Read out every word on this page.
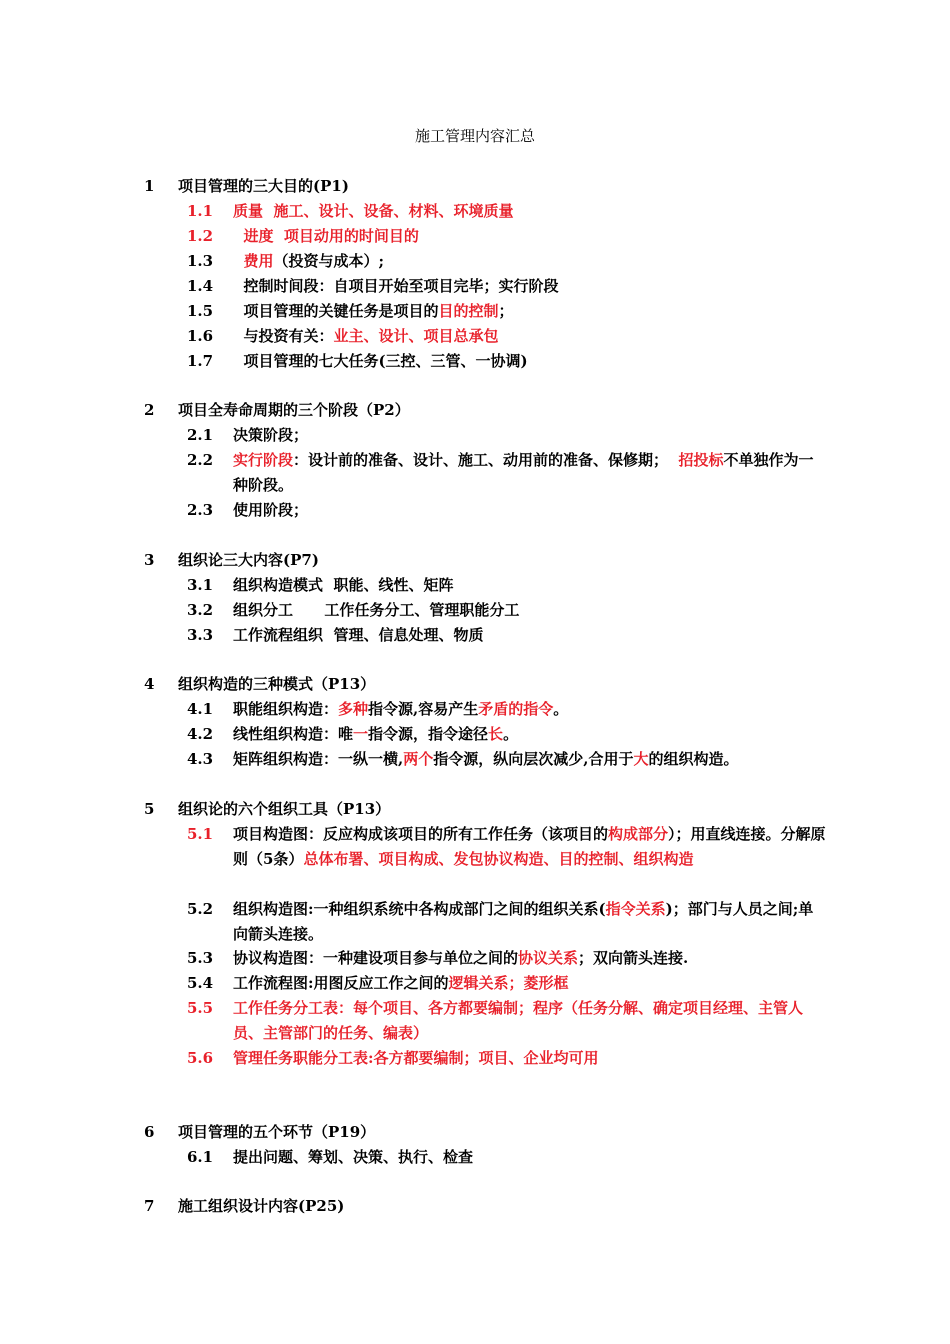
施工管理内容汇总
1 项目管理的三大目的(P1)
1.1 质量  施工、设计、设备、材料、环境质量
1.2 进度  项目动用的时间目的
1.3 费用（投资与成本）;
1.4 控制时间段：自项目开始至项目完毕；实行阶段
1.5 项目管理的关键任务是项目的目的控制；
1.6 与投资有关：业主、设计、项目总承包
1.7 项目管理的七大任务(三控、三管、一协调)
2 项目全寿命周期的三个阶段（P2）
2.1 决策阶段；
2.2 实行阶段：设计前的准备、设计、施工、动用前的准备、保修期；  招投标不单独作为一种阶段。
2.3 使用阶段；
3 组织论三大内容(P7)
3.1 组织构造模式  职能、线性、矩阵
3.2 组织分工      工作任务分工、管理职能分工
3.3 工作流程组织  管理、信息处理、物质
4 组织构造的三种模式（P13）
4.1 职能组织构造：多种指令源,容易产生矛盾的指令。
4.2 线性组织构造：唯一指令源，指令途径长。
4.3 矩阵组织构造：一纵一横,两个指令源，纵向层次减少,合用于大的组织构造。
5 组织论的六个组织工具（P13）
5.1 项目构造图：反应构成该项目的所有工作任务（该项目的构成部分）；用直线连接。分解原则（5条）总体布署、项目构成、发包协议构造、目的控制、组织构造
5.2 组织构造图:一种组织系统中各构成部门之间的组织关系(指令关系)；部门与人员之间;单向箭头连接。
5.3 协议构造图：一种建设项目参与单位之间的协议关系；双向箭头连接.
5.4 工作流程图:用图反应工作之间的逻辑关系；菱形框
5.5 工作任务分工表：每个项目、各方都要编制；程序（任务分解、确定项目经理、主管人员、主管部门的任务、编表）
5.6 管理任务职能分工表:各方都要编制；项目、企业均可用
6 项目管理的五个环节（P19）
6.1 提出问题、筹划、决策、执行、检查
7 施工组织设计内容(P25)
